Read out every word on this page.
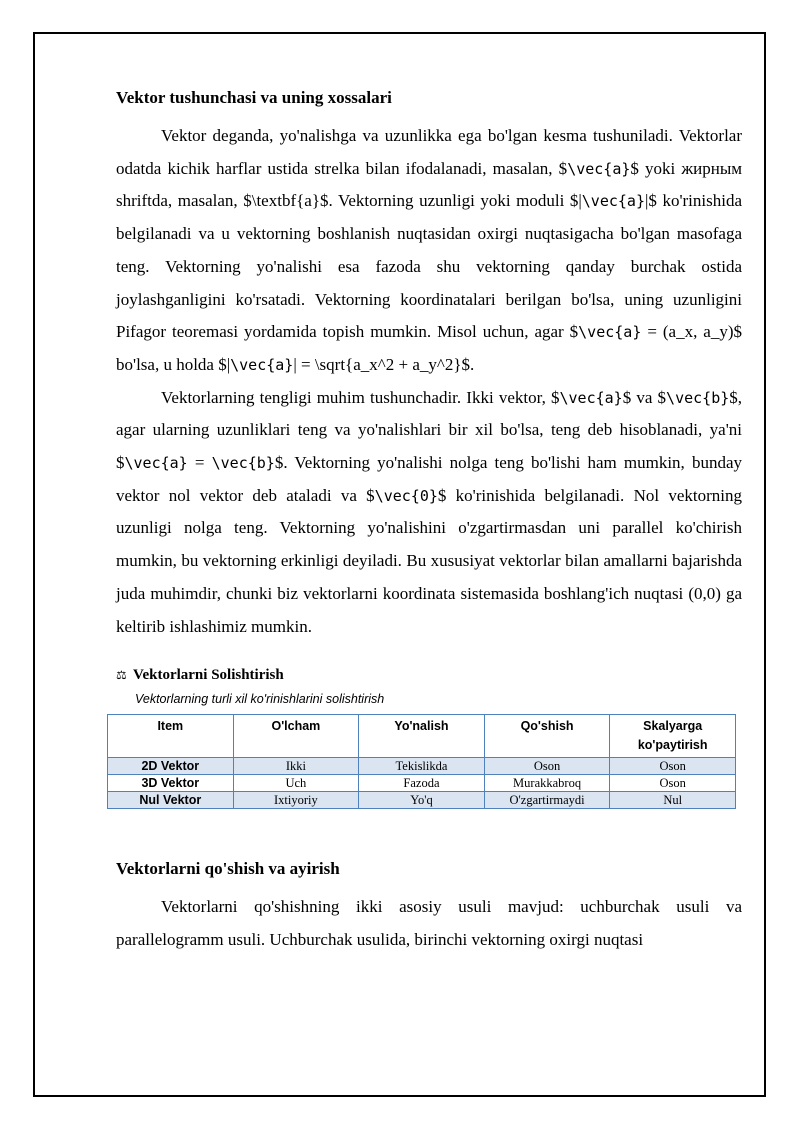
Vektor tushunchasi va uning xossalari

Vektor deganda, yo'nalishga va uzunlikka ega bo'lgan kesma tushuniladi. Vektorlar odatda kichik harflar ustida strelka bilan ifodalanadi, masalan, $\vec{a}$ yoki жирным shriftda, masalan, $\textbf{a}$. Vektorning uzunligi yoki moduli $|\vec{a}|$ ko'rinishida belgilanadi va u vektorning boshlanish nuqtasidan oxirgi nuqtasigacha bo'lgan masofaga teng. Vektorning yo'nalishi esa fazoda shu vektorning qanday burchak ostida joylashganligini ko'rsatadi. Vektorning koordinatalari berilgan bo'lsa, uning uzunligini Pifagor teoremasi yordamida topish mumkin. Misol uchun, agar $\vec{a} = (a_x, a_y)$ bo'lsa, u holda $|\vec{a}| = \sqrt{a_x^2 + a_y^2}$.

Vektorlarning tengligi muhim tushunchadir. Ikki vektor, $\vec{a}$ va $\vec{b}$, agar ularning uzunliklari teng va yo'nalishlari bir xil bo'lsa, teng deb hisoblanadi, ya'ni $\vec{a} = \vec{b}$. Vektorning yo'nalishi nolga teng bo'lishi ham mumkin, bunday vektor nol vektor deb ataladi va $\vec{0}$ ko'rinishida belgilanadi. Nol vektorning uzunligi nolga teng. Vektorning yo'nalishini o'zgartirmasdan uni parallel ko'chirish mumkin, bu vektorning erkinligi deyiladi. Bu xususiyat vektorlar bilan amallarni bajarishda juda muhimdir, chunki biz vektorlarni koordinata sistemasida boshlang'ich nuqtasi (0,0) ga keltirib ishlashimiz mumkin.

⚖ Vektorlarni Solishtirish
Vektorlarning turli xil ko'rinishlarini solishtirish
Item	O'lcham	Yo'nalish	Qo'shish	Skalyarga ko'paytirish
2D Vektor	Ikki	Tekislikda	Oson	Oson
3D Vektor	Uch	Fazoda	Murakkabroq	Oson
Nul Vektor	Ixtiyoriy	Yo'q	O'zgartirmaydi	Nul
Vektorlarni qo'shish va ayirish

Vektorlarni qo'shishning ikki asosiy usuli mavjud: uchburchak usuli va parallelogramm usuli. Uchburchak usulida, birinchi vektorning oxirgi nuqtasi
